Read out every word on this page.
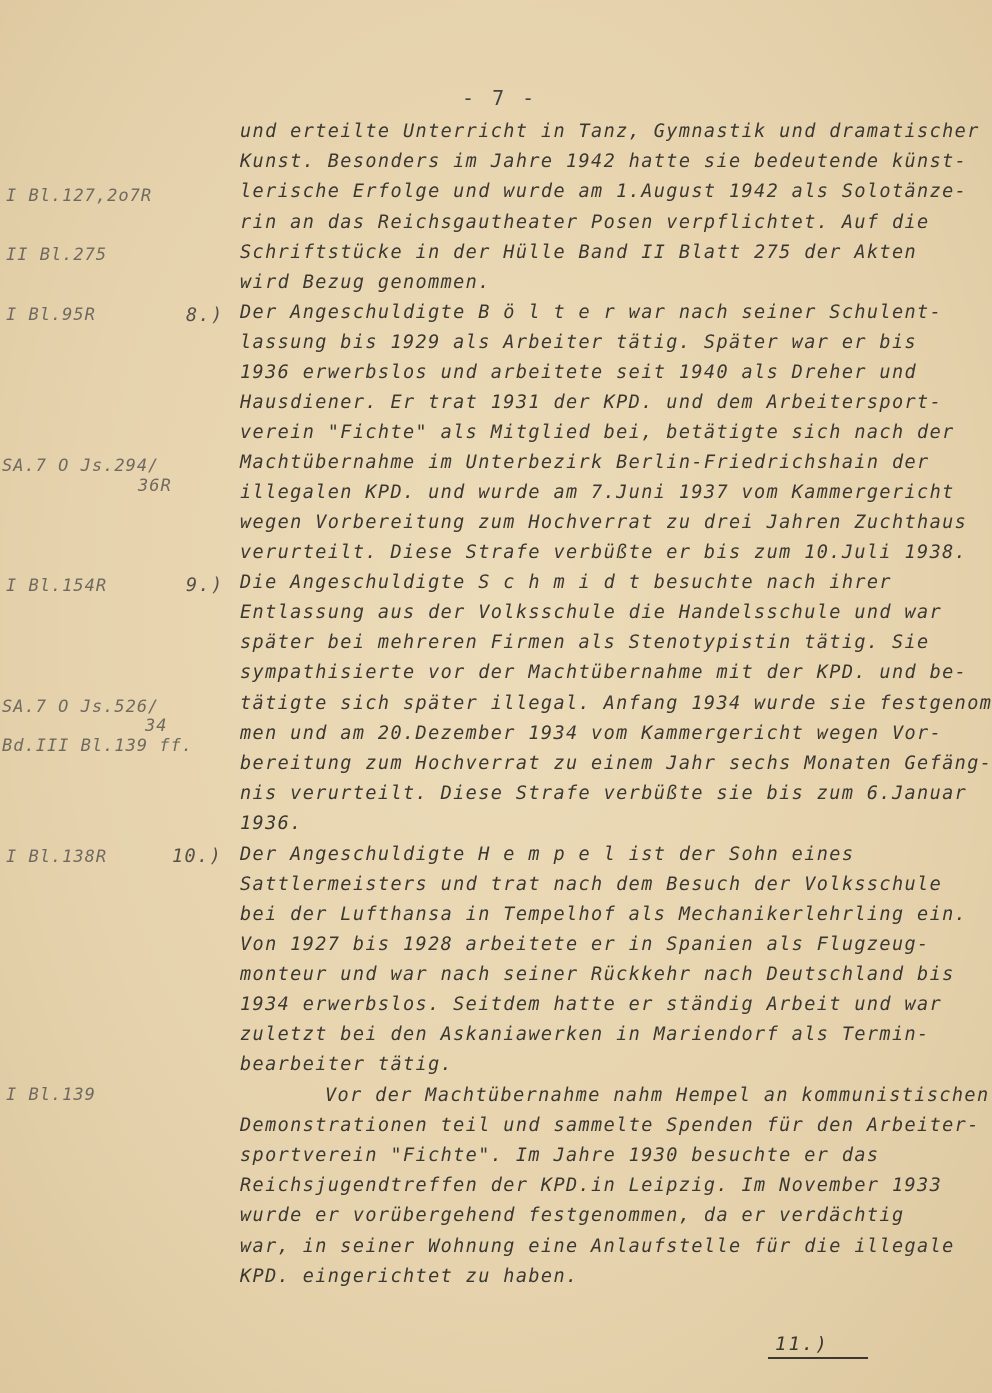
- 7 -
I Bl.127,2o7R
II Bl.275
I Bl.95R
SA.7 O Js.294/
36R
I Bl.154R
SA.7 O Js.526/
34
Bd.III Bl.139 ff.
I Bl.138R
I Bl.139
8.)
9.)
10.)
und erteilte Unterricht in Tanz, Gymnastik und dramatischer
Kunst. Besonders im Jahre 1942 hatte sie bedeutende künst-
lerische Erfolge und wurde am 1.August 1942 als Solotänze-
rin an das Reichsgautheater Posen verpflichtet. Auf die
Schriftstücke in der Hülle Band II Blatt 275 der Akten
wird Bezug genommen.
Der Angeschuldigte B ö l t e r war nach seiner Schulent-
lassung bis 1929 als Arbeiter tätig. Später war er bis
1936 erwerbslos und arbeitete seit 1940 als Dreher und
Hausdiener. Er trat 1931 der KPD. und dem Arbeitersport-
verein "Fichte" als Mitglied bei, betätigte sich nach der
Machtübernahme im Unterbezirk Berlin-Friedrichshain der
illegalen KPD. und wurde am 7.Juni 1937 vom Kammergericht
wegen Vorbereitung zum Hochverrat zu drei Jahren Zuchthaus
verurteilt. Diese Strafe verbüßte er bis zum 10.Juli 1938.
Die Angeschuldigte S c h m i d t besuchte nach ihrer
Entlassung aus der Volksschule die Handelsschule und war
später bei mehreren Firmen als Stenotypistin tätig. Sie
sympathisierte vor der Machtübernahme mit der KPD. und be-
tätigte sich später illegal. Anfang 1934 wurde sie festgenom
men und am 20.Dezember 1934 vom Kammergericht wegen Vor-
bereitung zum Hochverrat zu einem Jahr sechs Monaten Gefäng-
nis verurteilt. Diese Strafe verbüßte sie bis zum 6.Januar
1936.
Der Angeschuldigte H e m p e l ist der Sohn eines
Sattlermeisters und trat nach dem Besuch der Volksschule
bei der Lufthansa in Tempelhof als Mechanikerlehrling ein.
Von 1927 bis 1928 arbeitete er in Spanien als Flugzeug-
monteur und war nach seiner Rückkehr nach Deutschland bis
1934 erwerbslos. Seitdem hatte er ständig Arbeit und war
zuletzt bei den Askaniawerken in Mariendorf als Termin-
bearbeiter tätig.
Vor der Machtübernahme nahm Hempel an kommunistischen
Demonstrationen teil und sammelte Spenden für den Arbeiter-
sportverein "Fichte". Im Jahre 1930 besuchte er das
Reichsjugendtreffen der KPD.in Leipzig. Im November 1933
wurde er vorübergehend festgenommen, da er verdächtig
war, in seiner Wohnung eine Anlaufstelle für die illegale
KPD. eingerichtet zu haben.
11.)
